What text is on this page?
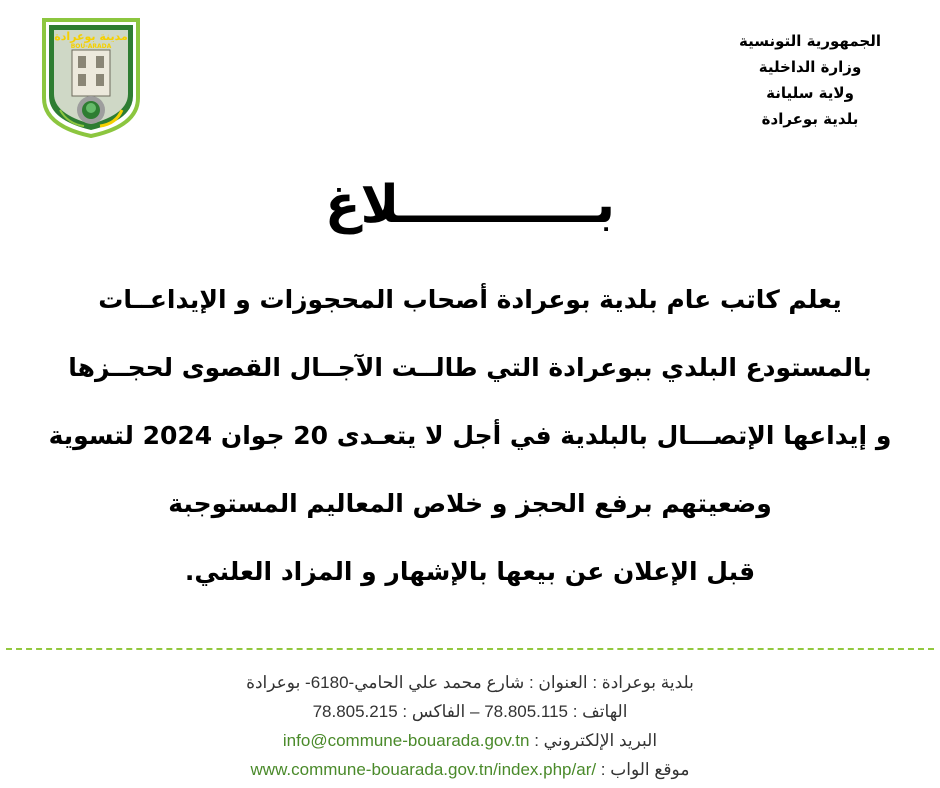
مدينة بوعرادة
BOU-ARADA	الجمهورية التونسية
وزارة الداخلية
ولاية سليانة
بلدية بوعرادة
بـــــــــــلاغ
يعلم كاتب عام بلدية بوعرادة أصحاب المحجوزات و الإيداعــات
بالمستودع البلدي ببوعرادة التي طالــت الآجــال القصوى لحجــزها
و إيداعها الإتصـــال بالبلدية في أجل لا يتعـدى 20 جوان 2024 لتسوية
وضعيتهم برفع الحجز و خلاص المعاليم المستوجبة
قبل الإعلان عن بيعها بالإشهار و المزاد العلني.
بلدية بوعرادة : العنوان : شارع محمد علي الحامي-6180- بوعرادة
الهاتف : 78.805.115 – الفاكس : 78.805.215
البريد الإلكتروني : info@commune-bouarada.gov.tn
موقع الواب : www.commune-bouarada.gov.tn/index.php/ar/
